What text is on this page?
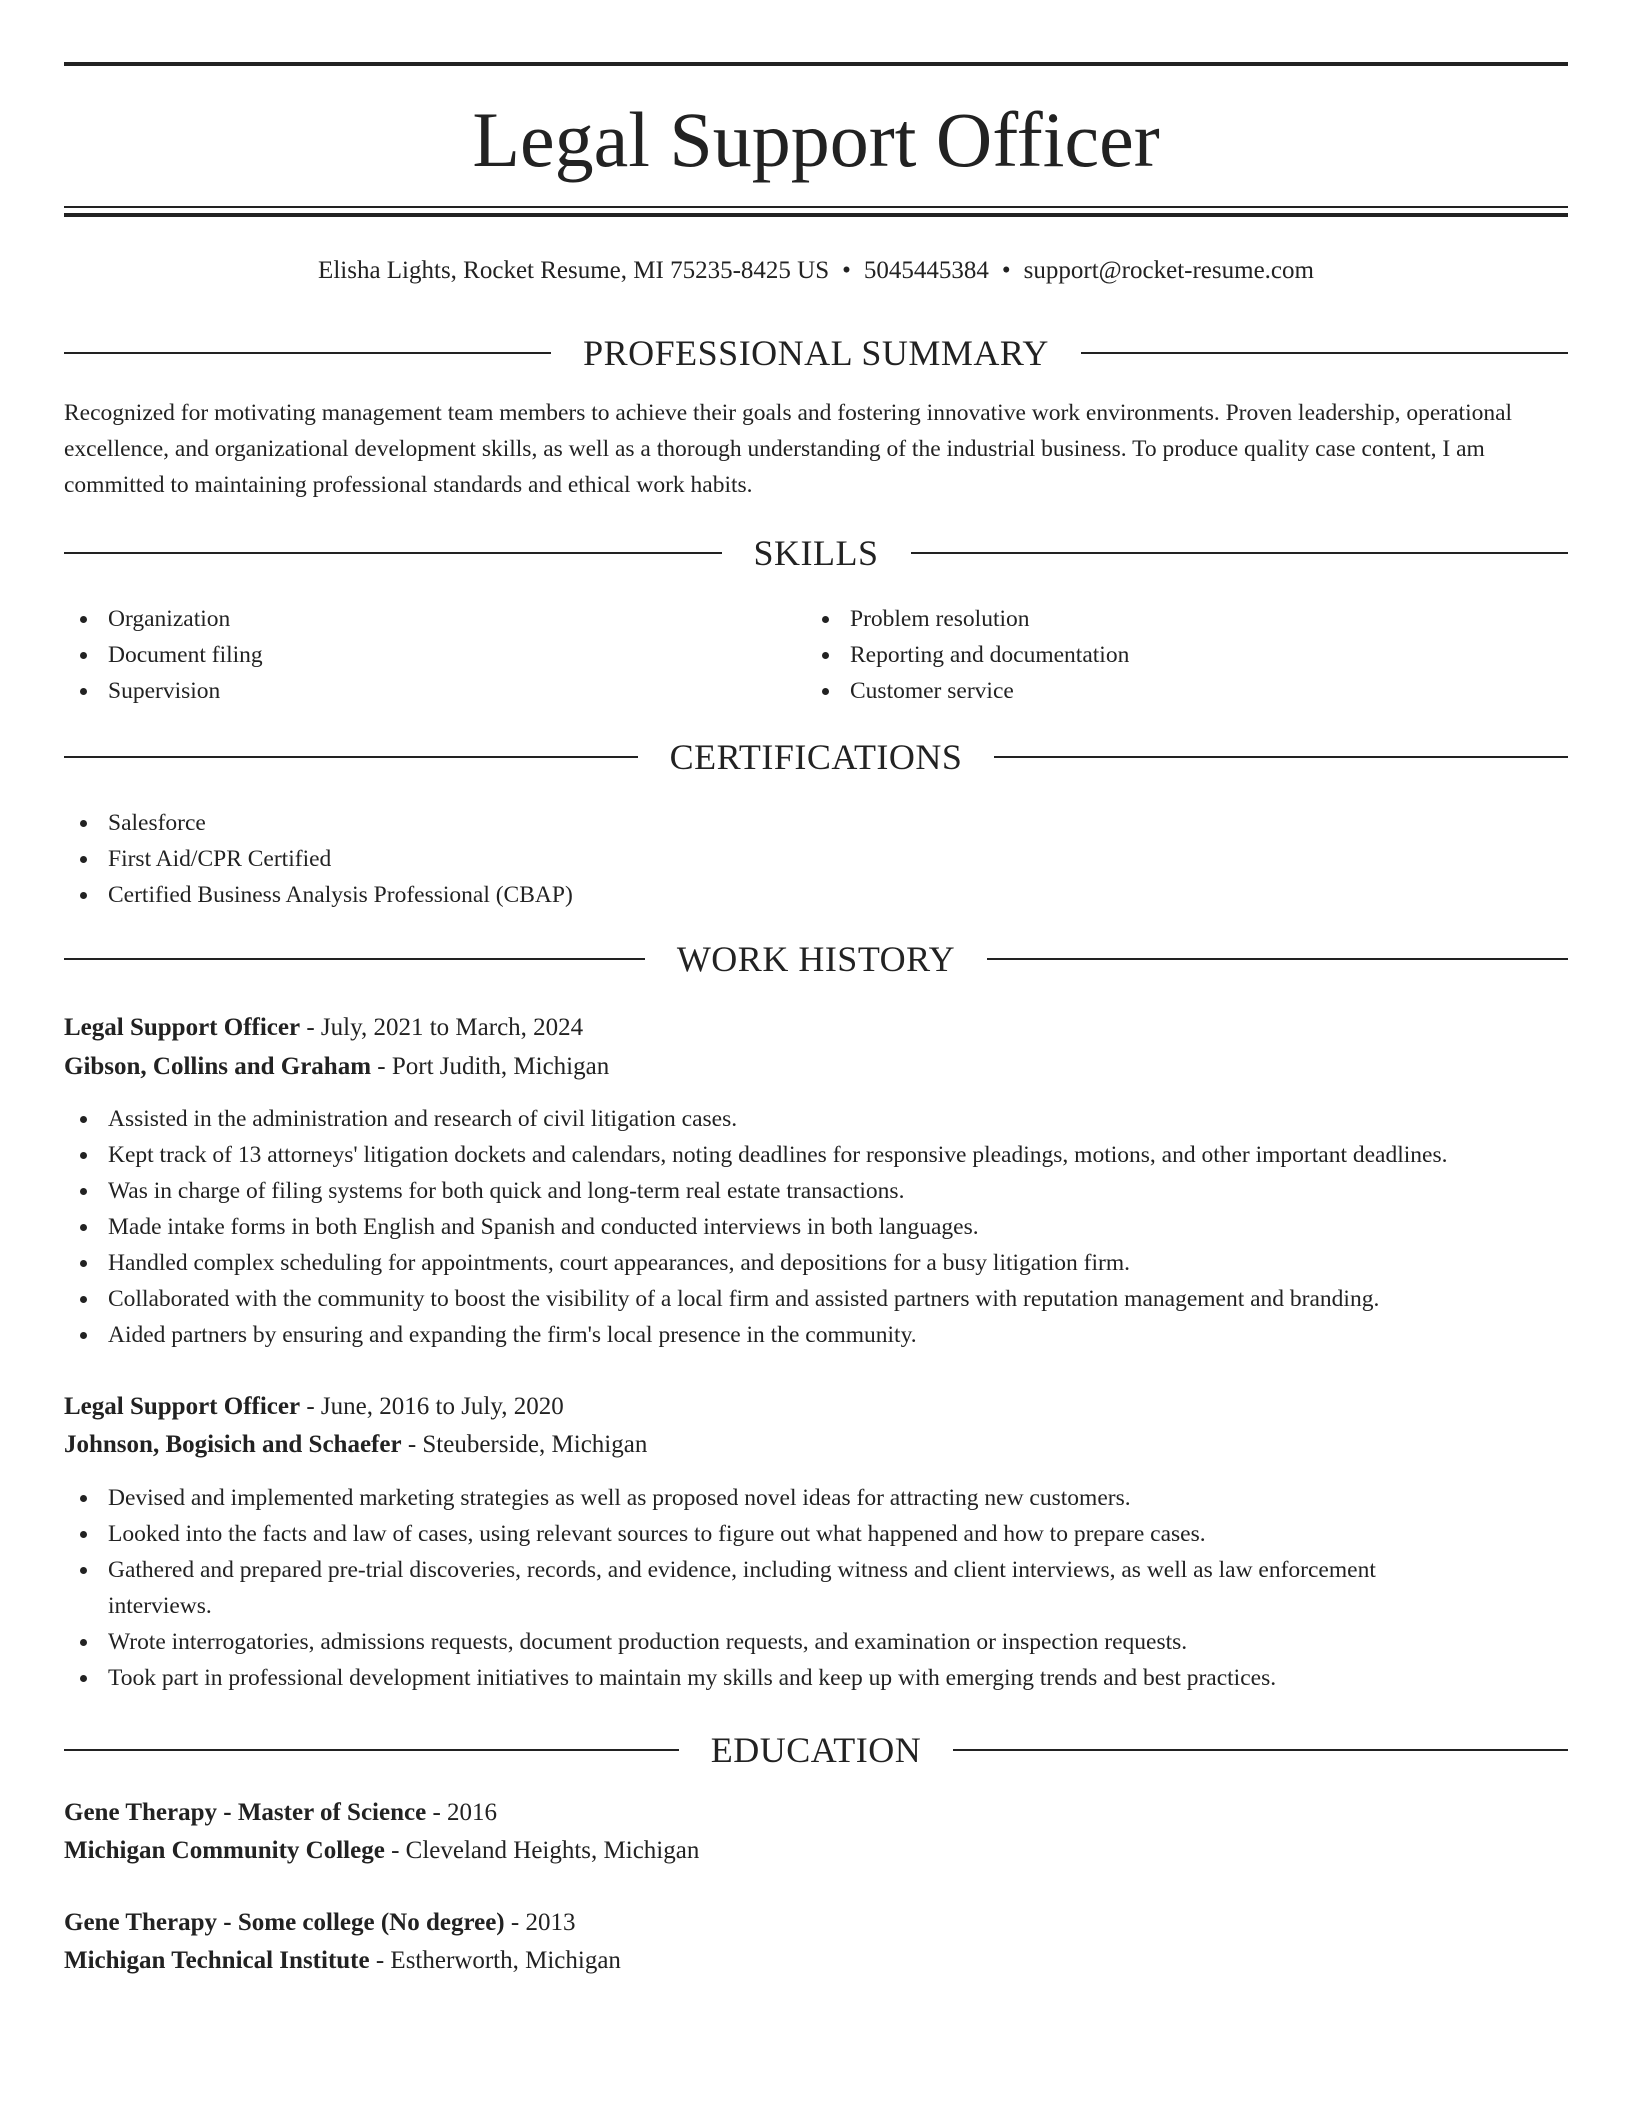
Legal Support Officer
Elisha Lights, Rocket Resume, MI 75235-8425 US • 5045445384 • support@rocket-resume.com
PROFESSIONAL SUMMARY
Recognized for motivating management team members to achieve their goals and fostering innovative work environments. Proven leadership, operational excellence, and organizational development skills, as well as a thorough understanding of the industrial business. To produce quality case content, I am committed to maintaining professional standards and ethical work habits.
SKILLS
Organization
Document filing
Supervision
Problem resolution
Reporting and documentation
Customer service
CERTIFICATIONS
Salesforce
First Aid/CPR Certified
Certified Business Analysis Professional (CBAP)
WORK HISTORY
Legal Support Officer - July, 2021 to March, 2024
Gibson, Collins and Graham - Port Judith, Michigan
Assisted in the administration and research of civil litigation cases.
Kept track of 13 attorneys' litigation dockets and calendars, noting deadlines for responsive pleadings, motions, and other important deadlines.
Was in charge of filing systems for both quick and long-term real estate transactions.
Made intake forms in both English and Spanish and conducted interviews in both languages.
Handled complex scheduling for appointments, court appearances, and depositions for a busy litigation firm.
Collaborated with the community to boost the visibility of a local firm and assisted partners with reputation management and branding.
Aided partners by ensuring and expanding the firm's local presence in the community.
Legal Support Officer - June, 2016 to July, 2020
Johnson, Bogisich and Schaefer - Steuberside, Michigan
Devised and implemented marketing strategies as well as proposed novel ideas for attracting new customers.
Looked into the facts and law of cases, using relevant sources to figure out what happened and how to prepare cases.
Gathered and prepared pre-trial discoveries, records, and evidence, including witness and client interviews, as well as law enforcement interviews.
Wrote interrogatories, admissions requests, document production requests, and examination or inspection requests.
Took part in professional development initiatives to maintain my skills and keep up with emerging trends and best practices.
EDUCATION
Gene Therapy - Master of Science - 2016
Michigan Community College - Cleveland Heights, Michigan
Gene Therapy - Some college (No degree) - 2013
Michigan Technical Institute - Estherworth, Michigan
